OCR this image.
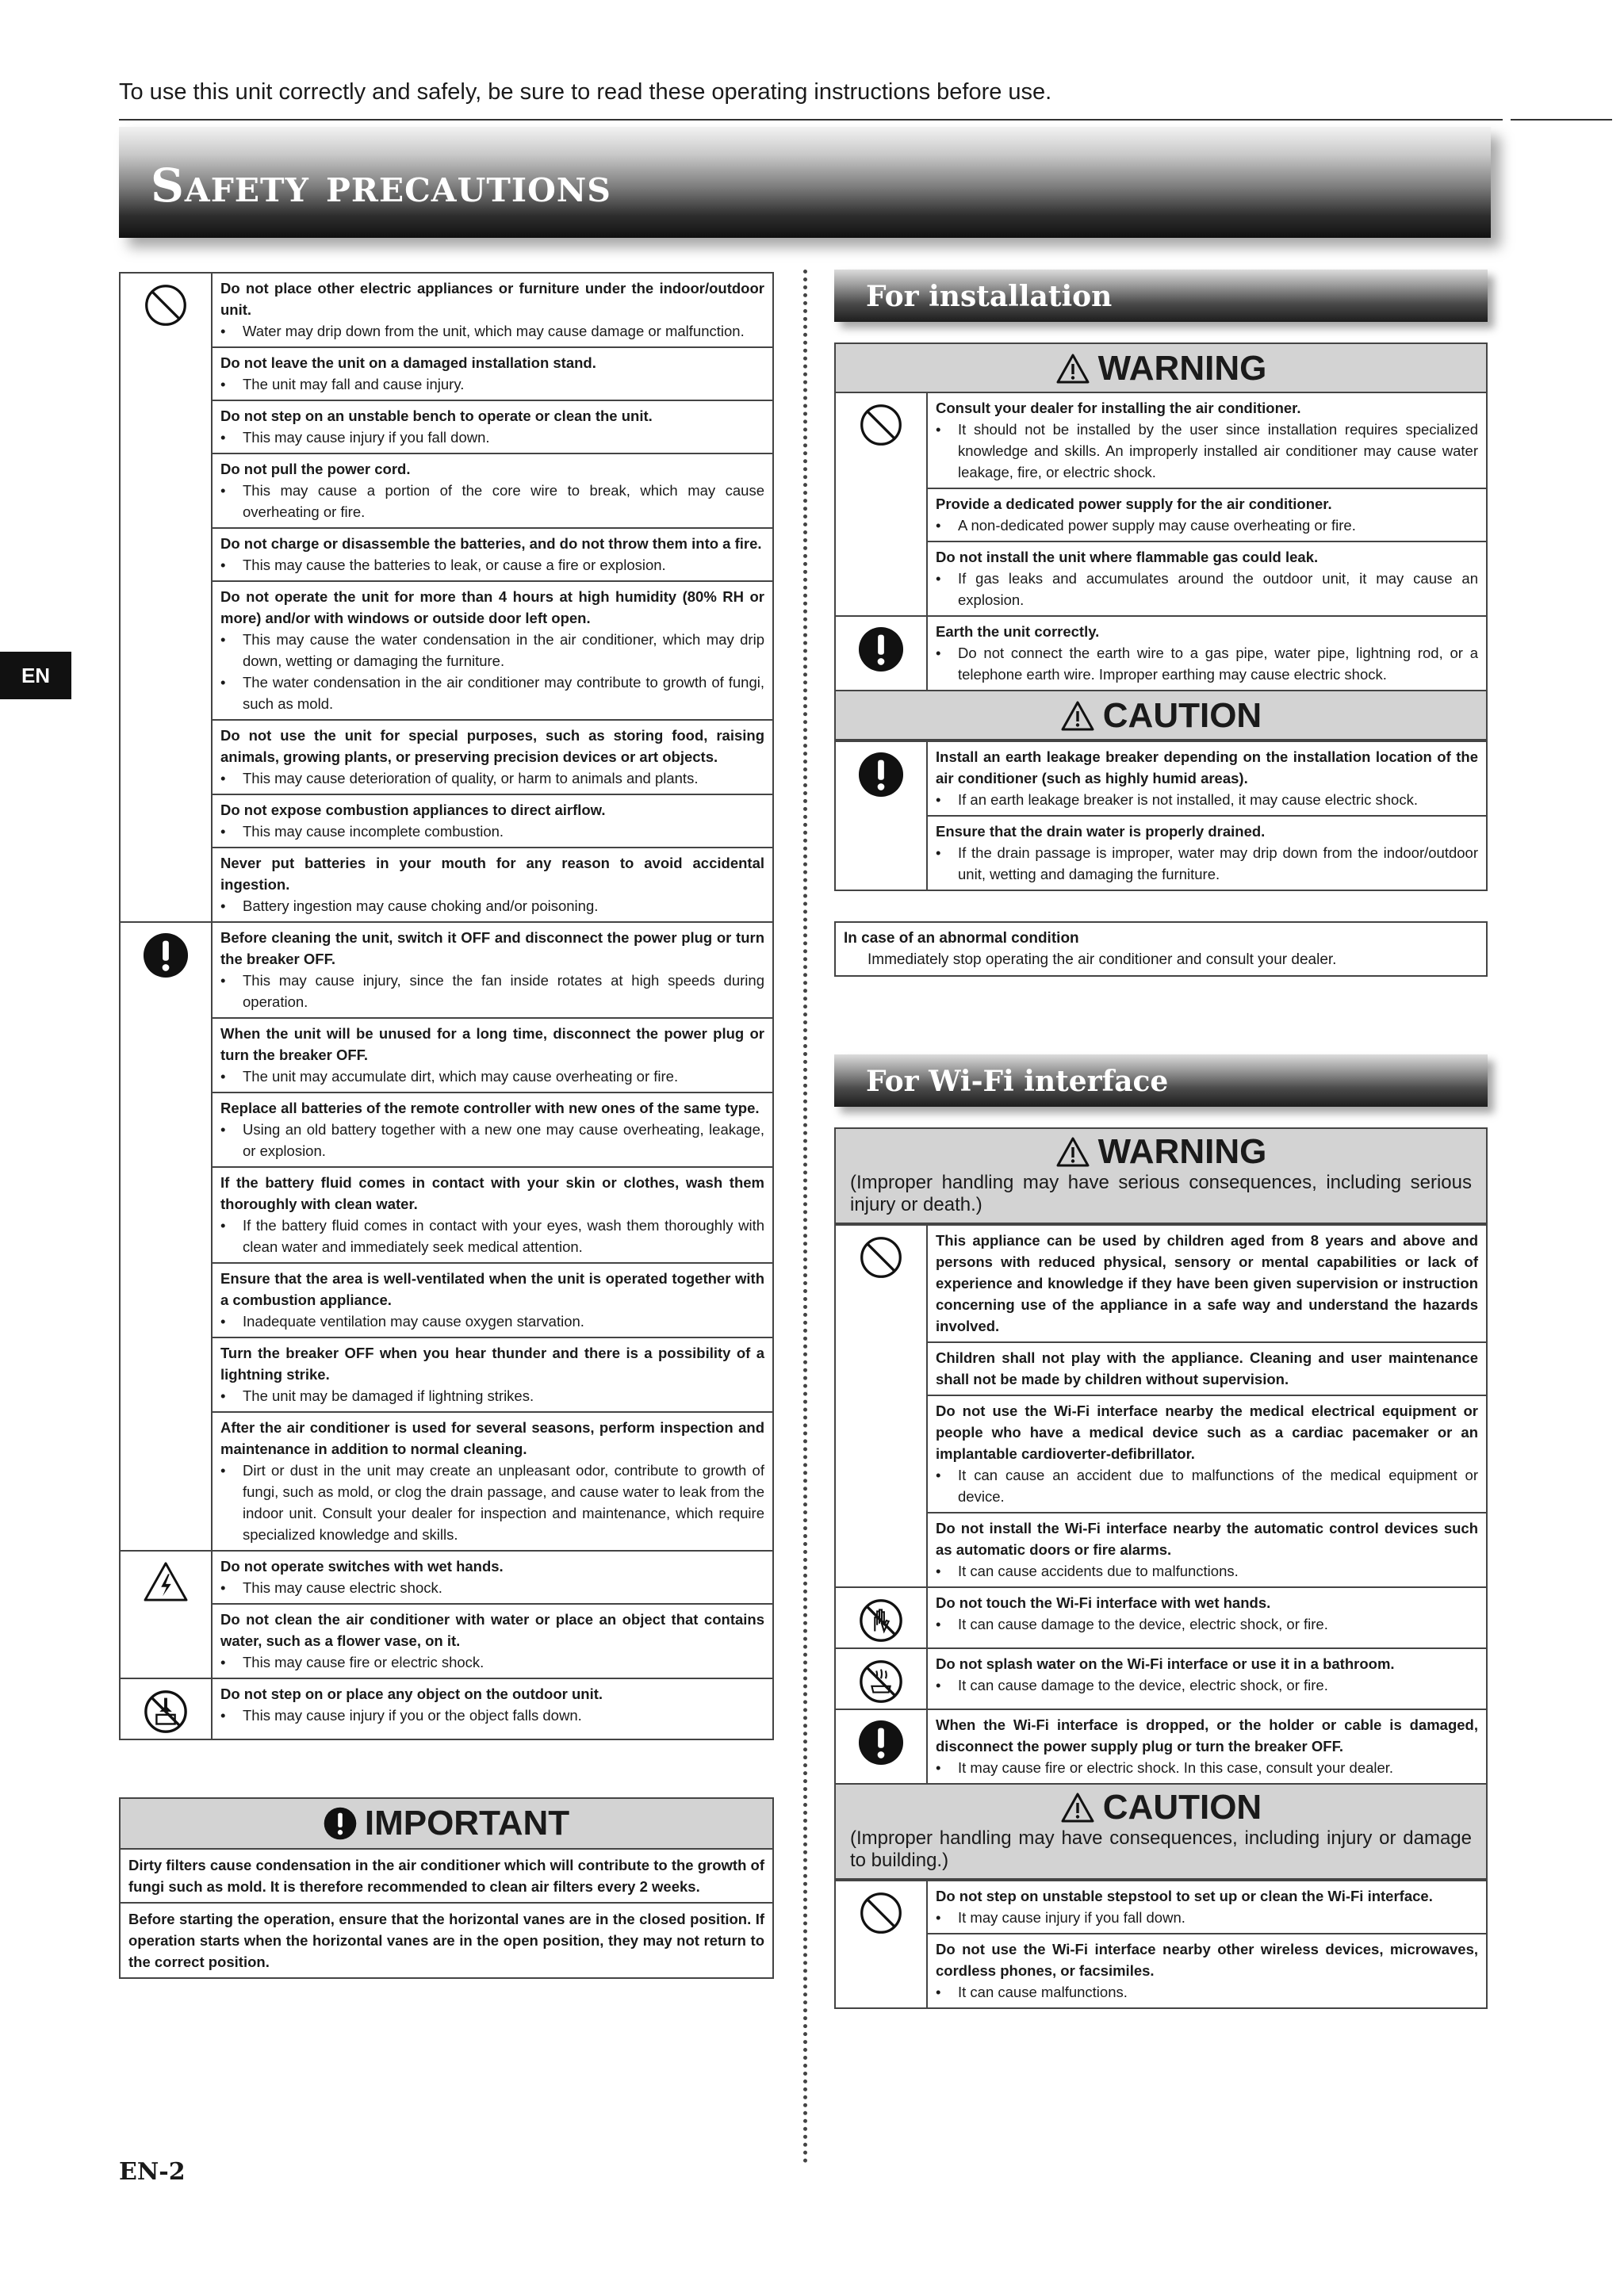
To use this unit correctly and safely, be sure to read these operating instructions before use.
Safety precautions
EN
Do not place other electric appliances or furniture under the indoor/outdoor unit.
• Water may drip down from the unit, which may cause damage or malfunction.
Do not leave the unit on a damaged installation stand.
• The unit may fall and cause injury.
Do not step on an unstable bench to operate or clean the unit.
• This may cause injury if you fall down.
Do not pull the power cord.
• This may cause a portion of the core wire to break, which may cause overheating or fire.
Do not charge or disassemble the batteries, and do not throw them into a fire.
• This may cause the batteries to leak, or cause a fire or explosion.
Do not operate the unit for more than 4 hours at high humidity (80% RH or more) and/or with windows or outside door left open.
• This may cause the water condensation in the air conditioner, which may drip down, wetting or damaging the furniture.
• The water condensation in the air conditioner may contribute to growth of fungi, such as mold.
Do not use the unit for special purposes, such as storing food, raising animals, growing plants, or preserving precision devices or art objects.
• This may cause deterioration of quality, or harm to animals and plants.
Do not expose combustion appliances to direct airflow.
• This may cause incomplete combustion.
Never put batteries in your mouth for any reason to avoid accidental ingestion.
• Battery ingestion may cause choking and/or poisoning.
Before cleaning the unit, switch it OFF and disconnect the power plug or turn the breaker OFF.
• This may cause injury, since the fan inside rotates at high speeds during operation.
When the unit will be unused for a long time, disconnect the power plug or turn the breaker OFF.
• The unit may accumulate dirt, which may cause overheating or fire.
Replace all batteries of the remote controller with new ones of the same type.
• Using an old battery together with a new one may cause overheating, leakage, or explosion.
If the battery fluid comes in contact with your skin or clothes, wash them thoroughly with clean water.
• If the battery fluid comes in contact with your eyes, wash them thoroughly with clean water and immediately seek medical attention.
Ensure that the area is well-ventilated when the unit is operated together with a combustion appliance.
• Inadequate ventilation may cause oxygen starvation.
Turn the breaker OFF when you hear thunder and there is a possibility of a lightning strike.
• The unit may be damaged if lightning strikes.
After the air conditioner is used for several seasons, perform inspection and maintenance in addition to normal cleaning.
• Dirt or dust in the unit may create an unpleasant odor, contribute to growth of fungi, such as mold, or clog the drain passage, and cause water to leak from the indoor unit. Consult your dealer for inspection and maintenance, which require specialized knowledge and skills.
Do not operate switches with wet hands.
• This may cause electric shock.
Do not clean the air conditioner with water or place an object that contains water, such as a flower vase, on it.
• This may cause fire or electric shock.
Do not step on or place any object on the outdoor unit.
• This may cause injury if you or the object falls down.
IMPORTANT
Dirty filters cause condensation in the air conditioner which will contribute to the growth of fungi such as mold. It is therefore recommended to clean air filters every 2 weeks.
Before starting the operation, ensure that the horizontal vanes are in the closed position. If operation starts when the horizontal vanes are in the open position, they may not return to the correct position.
For installation
WARNING
Consult your dealer for installing the air conditioner.
• It should not be installed by the user since installation requires specialized knowledge and skills. An improperly installed air conditioner may cause water leakage, fire, or electric shock.
Provide a dedicated power supply for the air conditioner.
• A non-dedicated power supply may cause overheating or fire.
Do not install the unit where flammable gas could leak.
• If gas leaks and accumulates around the outdoor unit, it may cause an explosion.
Earth the unit correctly.
• Do not connect the earth wire to a gas pipe, water pipe, lightning rod, or a telephone earth wire. Improper earthing may cause electric shock.
CAUTION
Install an earth leakage breaker depending on the installation location of the air conditioner (such as highly humid areas).
• If an earth leakage breaker is not installed, it may cause electric shock.
Ensure that the drain water is properly drained.
• If the drain passage is improper, water may drip down from the indoor/outdoor unit, wetting and damaging the furniture.
In case of an abnormal condition
Immediately stop operating the air conditioner and consult your dealer.
For Wi-Fi interface
WARNING
(Improper handling may have serious consequences, including serious injury or death.)
This appliance can be used by children aged from 8 years and above and persons with reduced physical, sensory or mental capabilities or lack of experience and knowledge if they have been given supervision or instruction concerning use of the appliance in a safe way and understand the hazards involved.
Children shall not play with the appliance. Cleaning and user maintenance shall not be made by children without supervision.
Do not use the Wi-Fi interface nearby the medical electrical equipment or people who have a medical device such as a cardiac pacemaker or an implantable cardioverter-defibrillator.
• It can cause an accident due to malfunctions of the medical equipment or device.
Do not install the Wi-Fi interface nearby the automatic control devices such as automatic doors or fire alarms.
• It can cause accidents due to malfunctions.
Do not touch the Wi-Fi interface with wet hands.
• It can cause damage to the device, electric shock, or fire.
Do not splash water on the Wi-Fi interface or use it in a bathroom.
• It can cause damage to the device, electric shock, or fire.
When the Wi-Fi interface is dropped, or the holder or cable is damaged, disconnect the power supply plug or turn the breaker OFF.
• It may cause fire or electric shock. In this case, consult your dealer.
CAUTION
(Improper handling may have consequences, including injury or damage to building.)
Do not step on unstable stepstool to set up or clean the Wi-Fi interface.
• It may cause injury if you fall down.
Do not use the Wi-Fi interface nearby other wireless devices, microwaves, cordless phones, or facsimiles.
• It can cause malfunctions.
EN-2
